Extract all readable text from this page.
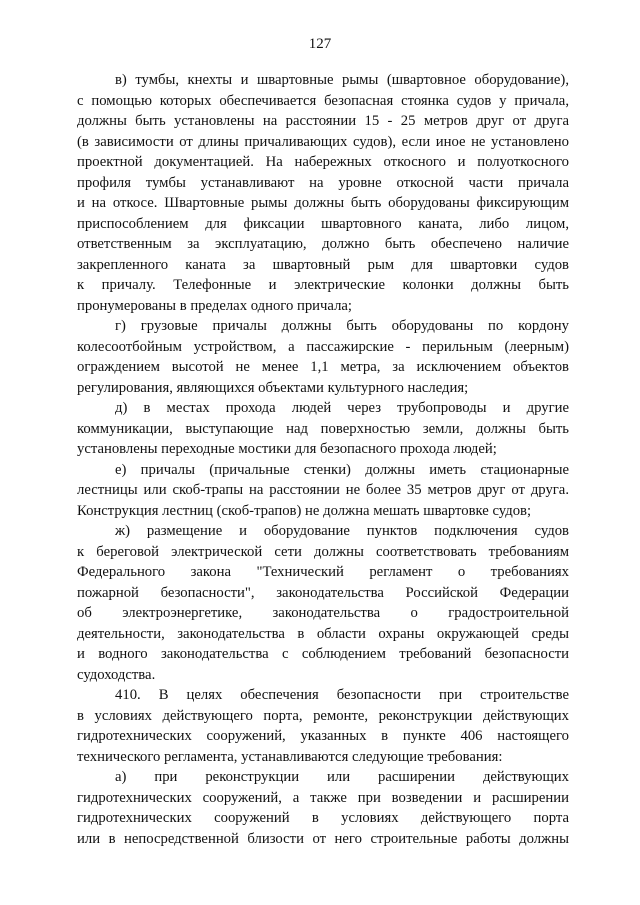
127
в) тумбы, кнехты и швартовные рымы (швартовное оборудование),
с помощью которых обеспечивается безопасная стоянка судов у причала,
должны быть установлены на расстоянии 15 - 25 метров друг от друга
(в зависимости от длины причаливающих судов), если иное не установлено
проектной документацией. На набережных откосного и полуоткосного
профиля тумбы устанавливают на уровне откосной части причала
и на откосе. Швартовные рымы должны быть оборудованы фиксирующим
приспособлением для фиксации швартовного каната, либо лицом,
ответственным за эксплуатацию, должно быть обеспечено наличие
закрепленного каната за швартовный рым для швартовки судов
к причалу. Телефонные и электрические колонки должны быть
пронумерованы в пределах одного причала;
г) грузовые причалы должны быть оборудованы по кордону
колесоотбойным устройством, а пассажирские - перильным (леерным)
ограждением высотой не менее 1,1 метра, за исключением объектов
регулирования, являющихся объектами культурного наследия;
д) в местах прохода людей через трубопроводы и другие
коммуникации, выступающие над поверхностью земли, должны быть
установлены переходные мостики для безопасного прохода людей;
е) причалы (причальные стенки) должны иметь стационарные
лестницы или скоб-трапы на расстоянии не более 35 метров друг от друга.
Конструкция лестниц (скоб-трапов) не должна мешать швартовке судов;
ж) размещение и оборудование пунктов подключения судов
к береговой электрической сети должны соответствовать требованиям
Федерального закона "Технический регламент о требованиях
пожарной безопасности", законодательства Российской Федерации
об электроэнергетике, законодательства о градостроительной
деятельности, законодательства в области охраны окружающей среды
и водного законодательства с соблюдением требований безопасности
судоходства.
410. В целях обеспечения безопасности при строительстве
в условиях действующего порта, ремонте, реконструкции действующих
гидротехнических сооружений, указанных в пункте 406 настоящего
технического регламента, устанавливаются следующие требования:
а) при реконструкции или расширении действующих
гидротехнических сооружений, а также при возведении и расширении
гидротехнических сооружений в условиях действующего порта
или в непосредственной близости от него строительные работы должны
